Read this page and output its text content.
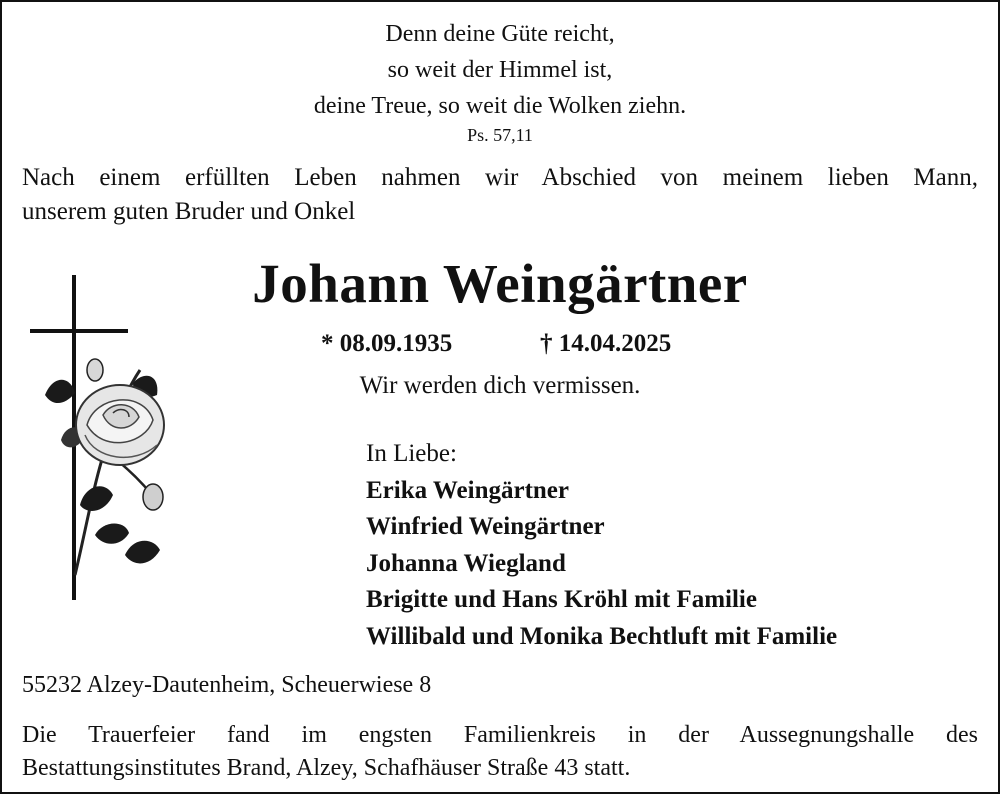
Denn deine Güte reicht,
so weit der Himmel ist,
deine Treue, so weit die Wolken ziehn.
Ps. 57,11
Nach einem erfüllten Leben nahmen wir Abschied von meinem lieben Mann,
unserem guten Bruder und Onkel
Johann Weingärtner
* 08.09.1935	† 14.04.2025
Wir werden dich vermissen.
In Liebe:
Erika Weingärtner
Winfried Weingärtner
Johanna Wiegland
Brigitte und Hans Kröhl mit Familie
Willibald und Monika Bechtluft mit Familie
55232 Alzey-Dautenheim, Scheuerwiese 8
Die Trauerfeier fand im engsten Familienkreis in der Aussegnungshalle des
Bestattungsinstitutes Brand, Alzey, Schafhäuser Straße 43 statt.
